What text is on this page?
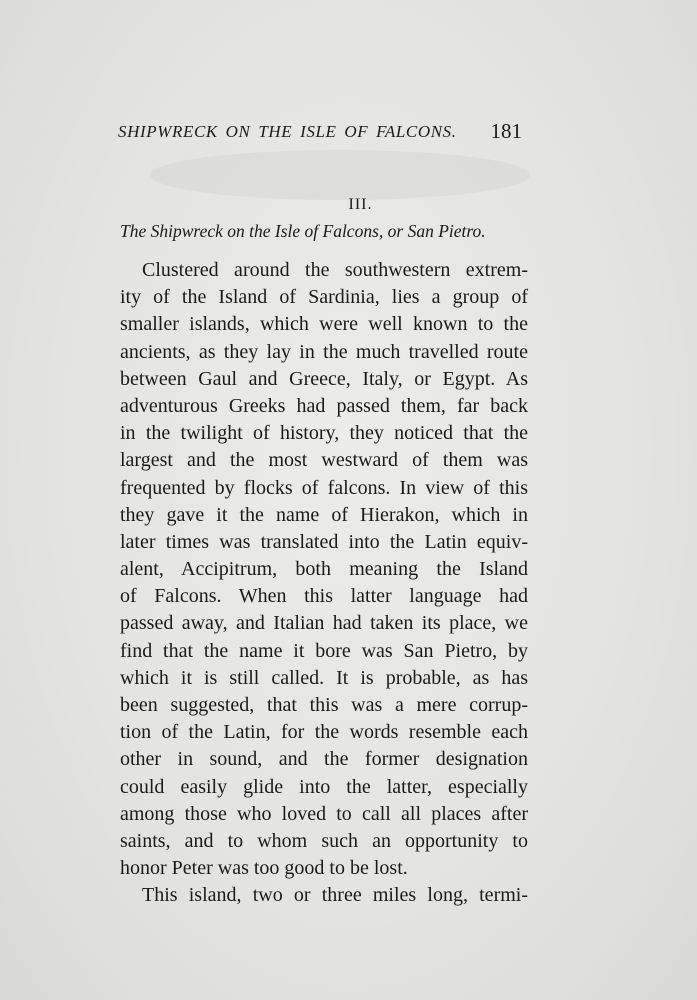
SHIPWRECK ON THE ISLE OF FALCONS. 181
III.
The Shipwreck on the Isle of Falcons, or San Pietro.
Clustered around the southwestern extrem-
ity of the Island of Sardinia, lies a group of
smaller islands, which were well known to the
ancients, as they lay in the much travelled route
between Gaul and Greece, Italy, or Egypt. As
adventurous Greeks had passed them, far back
in the twilight of history, they noticed that the
largest and the most westward of them was
frequented by flocks of falcons. In view of this
they gave it the name of Hierakon, which in
later times was translated into the Latin equiv-
alent, Accipitrum, both meaning the Island
of Falcons. When this latter language had
passed away, and Italian had taken its place, we
find that the name it bore was San Pietro, by
which it is still called. It is probable, as has
been suggested, that this was a mere corrup-
tion of the Latin, for the words resemble each
other in sound, and the former designation
could easily glide into the latter, especially
among those who loved to call all places after
saints, and to whom such an opportunity to
honor Peter was too good to be lost.
This island, two or three miles long, termi-
